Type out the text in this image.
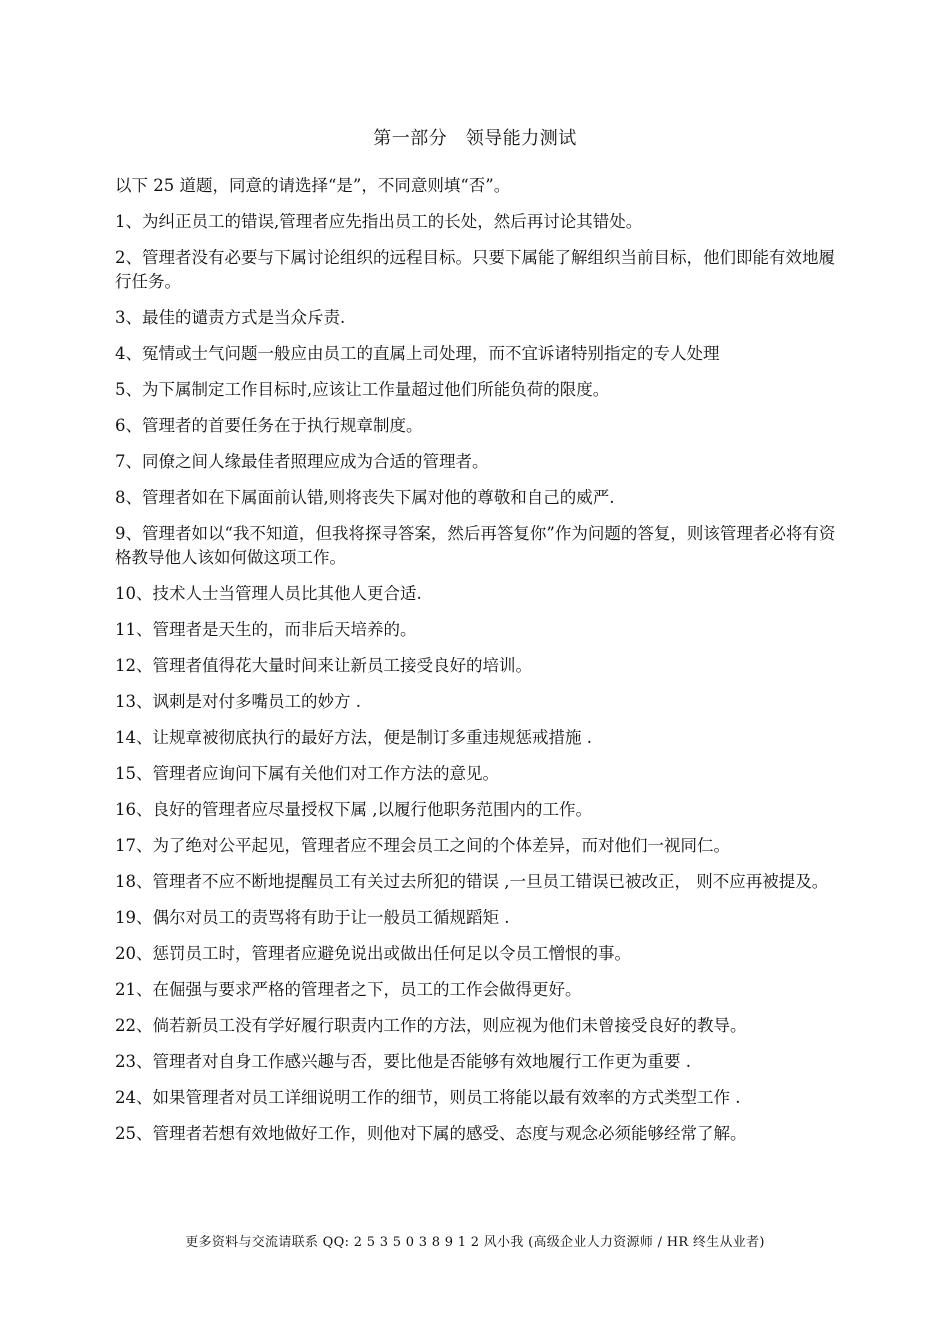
第一部分　领导能力测试

以下 25 道题，同意的请选择“是”，不同意则填“否”。

1、为纠正员工的错误,管理者应先指出员工的长处，然后再讨论其错处。

2、管理者没有必要与下属讨论组织的远程目标。只要下属能了解组织当前目标，他们即能有效地履行任务。

3、最佳的谴责方式是当众斥责.

4、冤情或士气问题一般应由员工的直属上司处理，而不宜诉诸特别指定的专人处理

5、为下属制定工作目标时,应该让工作量超过他们所能负荷的限度。

6、管理者的首要任务在于执行规章制度。

7、同僚之间人缘最佳者照理应成为合适的管理者。

8、管理者如在下属面前认错,则将丧失下属对他的尊敬和自己的威严.

9、管理者如以“我不知道，但我将探寻答案，然后再答复你”作为问题的答复，则该管理者必将有资格教导他人该如何做这项工作。

10、技术人士当管理人员比其他人更合适.

11、管理者是天生的，而非后天培养的。

12、管理者值得花大量时间来让新员工接受良好的培训。

13、讽刺是对付多嘴员工的妙方 .

14、让规章被彻底执行的最好方法，便是制订多重违规惩戒措施 .

15、管理者应询问下属有关他们对工作方法的意见。

16、良好的管理者应尽量授权下属 ,以履行他职务范围内的工作。

17、为了绝对公平起见，管理者应不理会员工之间的个体差异，而对他们一视同仁。

18、管理者不应不断地提醒员工有关过去所犯的错误 ,一旦员工错误已被改正， 则不应再被提及。

19、偶尔对员工的责骂将有助于让一般员工循规蹈矩 .

20、惩罚员工时，管理者应避免说出或做出任何足以令员工憎恨的事。

21、在倔强与要求严格的管理者之下，员工的工作会做得更好。

22、倘若新员工没有学好履行职责内工作的方法，则应视为他们未曾接受良好的教导。

23、管理者对自身工作感兴趣与否，要比他是否能够有效地履行工作更为重要 .

24、如果管理者对员工详细说明工作的细节，则员工将能以最有效率的方式类型工作 .

25、管理者若想有效地做好工作，则他对下属的感受、态度与观念必须能够经常了解。

更多资料与交流请联系 QQ: 2 5 3 5 0 3 8 9 1 2 风小我 (高级企业人力资源师 / HR 终生从业者)
